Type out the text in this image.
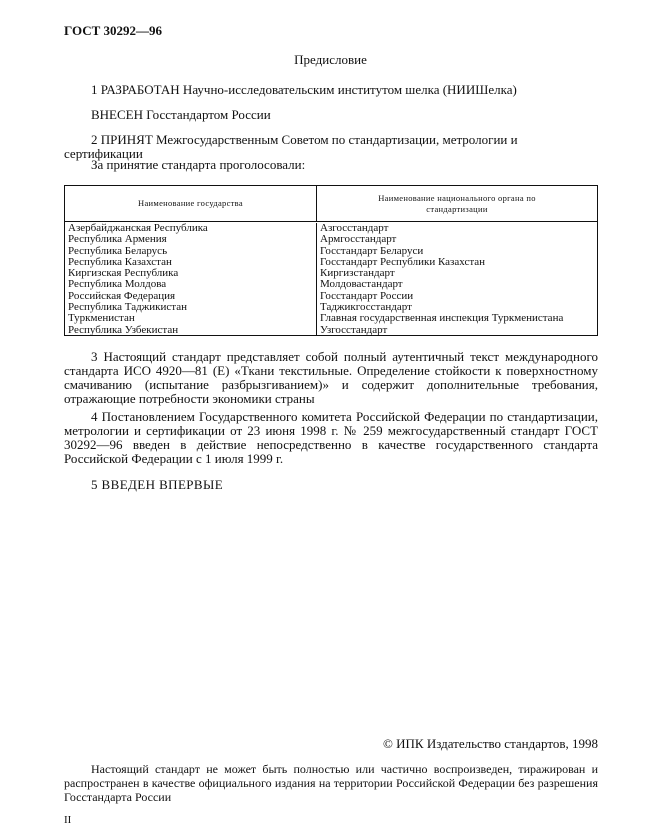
ГОСТ 30292—96
Предисловие
1 РАЗРАБОТАН Научно-исследовательским институтом шелка (НИИШелка)
ВНЕСЕН Госстандартом России
2 ПРИНЯТ Межгосударственным Советом по стандартизации, метрологии и сертификации
За принятие стандарта проголосовали:
Наименование государства
Наименование национального органа по стандартизации
Азербайджанская Республика
Республика Армения
Республика Беларусь
Республика Казахстан
Киргизская Республика
Республика Молдова
Российская Федерация
Республика Таджикистан
Туркменистан
Республика Узбекистан
Азгосстандарт
Армгосстандарт
Госстандарт Беларуси
Госстандарт Республики Казахстан
Киргизстандарт
Молдовастандарт
Госстандарт России
Таджикгосстандарт
Главная государственная инспекция Туркменистана
Узгосстандарт
3 Настоящий стандарт представляет собой полный аутентичный текст международного стандарта ИСО 4920—81 (Е) «Ткани текстильные. Определение стойкости к поверхностному смачиванию (испытание разбрызгиванием)» и содержит дополнительные требования, отражающие потребности экономики страны
4 Постановлением Государственного комитета Российской Федерации по стандартизации, метрологии и сертификации от 23 июня 1998 г. № 259 межгосударственный стандарт ГОСТ 30292—96 введен в действие непосредственно в качестве государственного стандарта Российской Федерации с 1 июля 1999 г.
5 ВВЕДЕН ВПЕРВЫЕ
© ИПК Издательство стандартов, 1998
Настоящий стандарт не может быть полностью или частично воспроизведен, тиражирован и распространен в качестве официального издания на территории Российской Федерации без разрешения Госстандарта России
II
